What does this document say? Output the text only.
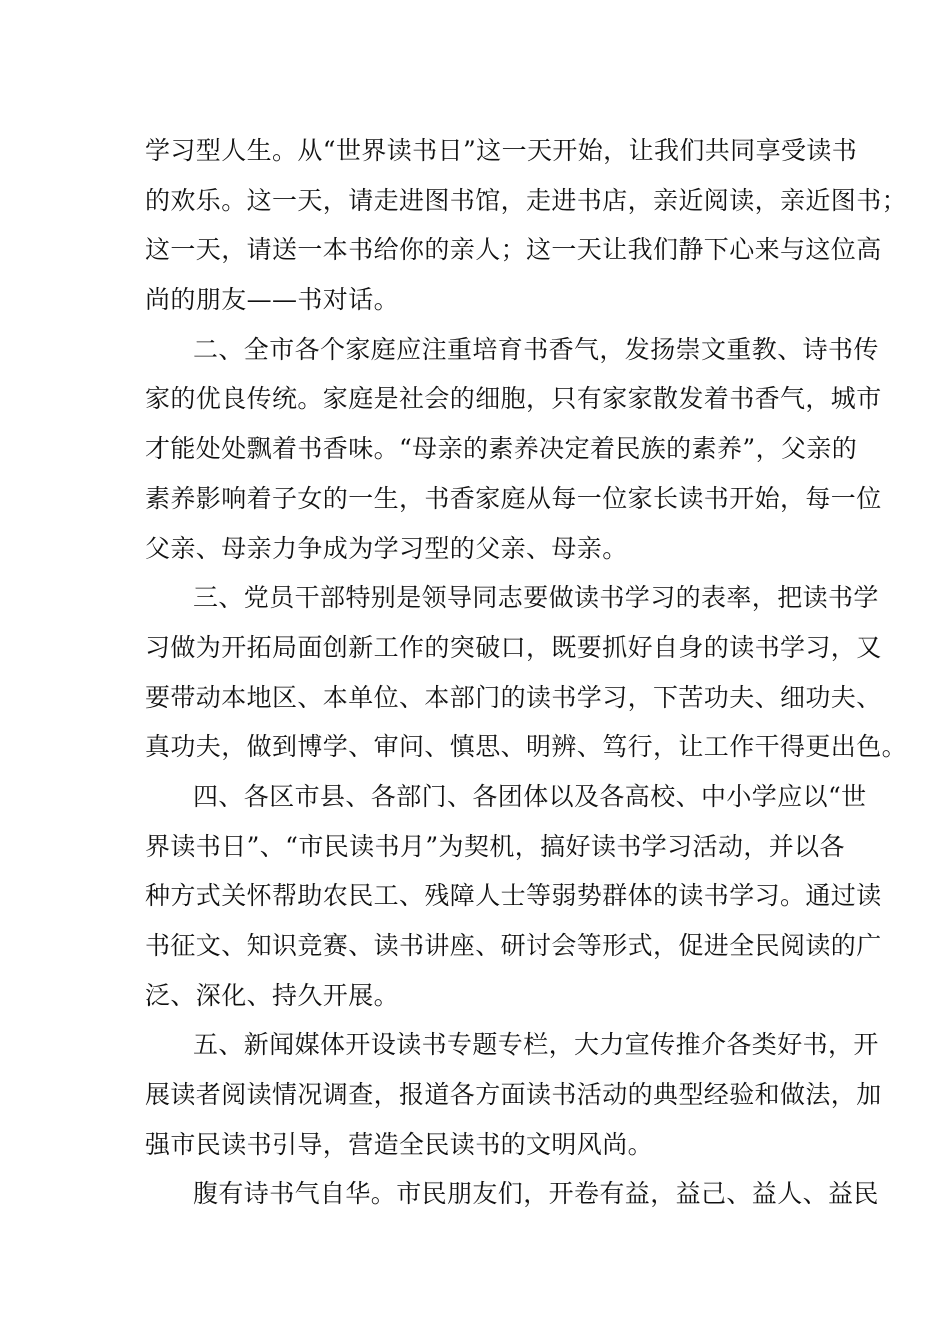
学习型人生。从“世界读书日”这一天开始，让我们共同享受读书
的欢乐。这一天，请走进图书馆，走进书店，亲近阅读，亲近图书；
这一天，请送一本书给你的亲人；这一天让我们静下心来与这位高
尚的朋友——书对话。
二、全市各个家庭应注重培育书香气，发扬崇文重教、诗书传
家的优良传统。家庭是社会的细胞，只有家家散发着书香气，城市
才能处处飘着书香味。“母亲的素养决定着民族的素养”，父亲的
素养影响着子女的一生，书香家庭从每一位家长读书开始，每一位
父亲、母亲力争成为学习型的父亲、母亲。
三、党员干部特别是领导同志要做读书学习的表率，把读书学
习做为开拓局面创新工作的突破口，既要抓好自身的读书学习，又
要带动本地区、本单位、本部门的读书学习，下苦功夫、细功夫、
真功夫，做到博学、审问、慎思、明辨、笃行，让工作干得更出色。
四、各区市县、各部门、各团体以及各高校、中小学应以“世
界读书日”、“市民读书月”为契机，搞好读书学习活动，并以各
种方式关怀帮助农民工、残障人士等弱势群体的读书学习。通过读
书征文、知识竞赛、读书讲座、研讨会等形式，促进全民阅读的广
泛、深化、持久开展。
五、新闻媒体开设读书专题专栏，大力宣传推介各类好书，开
展读者阅读情况调查，报道各方面读书活动的典型经验和做法，加
强市民读书引导，营造全民读书的文明风尚。
腹有诗书气自华。市民朋友们，开卷有益，益己、益人、益民
